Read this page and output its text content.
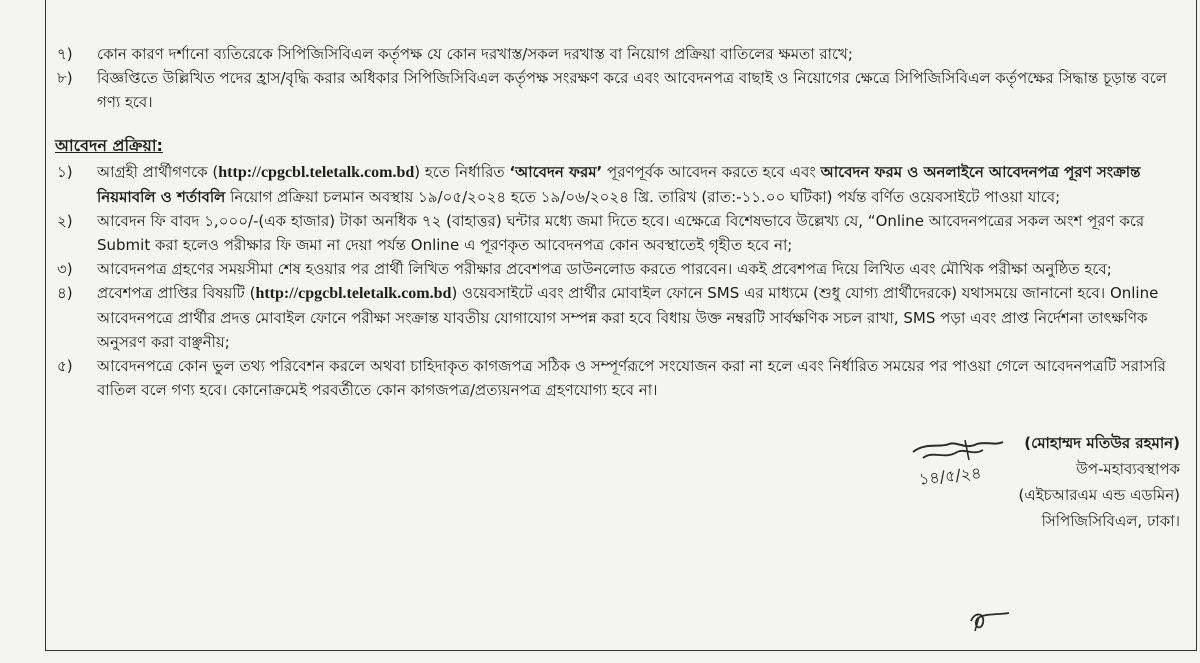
৭)	কোন কারণ দর্শানো ব্যতিরেকে সিপিজিসিবিএল কর্তৃপক্ষ যে কোন দরখাস্ত/সকল দরখাস্ত বা নিয়োগ প্রক্রিয়া বাতিলের ক্ষমতা রাখে;
৮)	বিজ্ঞপ্তিতে উল্লিখিত পদের হ্রাস/বৃদ্ধি করার অধিকার সিপিজিসিবিএল কর্তৃপক্ষ সংরক্ষণ করে এবং আবেদনপত্র বাছাই ও নিয়োগের ক্ষেত্রে সিপিজিসিবিএল কর্তৃপক্ষের সিদ্ধান্ত চূড়ান্ত বলে গণ্য হবে।
আবেদন প্রক্রিয়া:
১)	আগ্রহী প্রার্থীগণকে (http://cpgcbl.teletalk.com.bd) হতে নির্ধারিত ‘আবেদন ফরম’ পূরণপূর্বক আবেদন করতে হবে এবং আবেদন ফরম ও অনলাইনে আবেদনপত্র পূরণ সংক্রান্ত নিয়মাবলি ও শর্তাবলি নিয়োগ প্রক্রিয়া চলমান অবস্থায় ১৯/০৫/২০২৪ হতে ১৯/০৬/২০২৪ খ্রি. তারিখ (রাত:-১১.০০ ঘটিকা) পর্যন্ত বর্ণিত ওয়েবসাইটে পাওয়া যাবে;
২)	আবেদন ফি বাবদ ১,০০০/-(এক হাজার) টাকা অনধিক ৭২ (বাহাত্তর) ঘন্টার মধ্যে জমা দিতে হবে। এক্ষেত্রে বিশেষভাবে উল্লেখ্য যে, “Online আবেদনপত্রের সকল অংশ পূরণ করে Submit করা হলেও পরীক্ষার ফি জমা না দেয়া পর্যন্ত Online এ পূরণকৃত আবেদনপত্র কোন অবস্থাতেই গৃহীত হবে না;
৩)	আবেদনপত্র গ্রহণের সময়সীমা শেষ হওয়ার পর প্রার্থী লিখিত পরীক্ষার প্রবেশপত্র ডাউনলোড করতে পারবেন। একই প্রবেশপত্র দিয়ে লিখিত এবং মৌখিক পরীক্ষা অনুষ্ঠিত হবে;
৪)	প্রবেশপত্র প্রাপ্তির বিষয়টি (http://cpgcbl.teletalk.com.bd) ওয়েবসাইটে এবং প্রার্থীর মোবাইল ফোনে SMS এর মাধ্যমে (শুধু যোগ্য প্রার্থীদেরকে) যথাসময়ে জানানো হবে। Online আবেদনপত্রে প্রার্থীর প্রদত্ত মোবাইল ফোনে পরীক্ষা সংক্রান্ত যাবতীয় যোগাযোগ সম্পন্ন করা হবে বিধায় উক্ত নম্বরটি সার্বক্ষণিক সচল রাখা, SMS পড়া এবং প্রাপ্ত নির্দেশনা তাৎক্ষণিক অনুসরণ করা বাঞ্ছনীয়;
৫)	আবেদনপত্রে কোন ভুল তথ্য পরিবেশন করলে অথবা চাহিদাকৃত কাগজপত্র সঠিক ও সম্পূর্ণরূপে সংযোজন করা না হলে এবং নির্ধারিত সময়ের পর পাওয়া গেলে আবেদনপত্রটি সরাসরি বাতিল বলে গণ্য হবে। কোনোক্রমেই পরবর্তীতে কোন কাগজপত্র/প্রত্যয়নপত্র গ্রহণযোগ্য হবে না।
১৪/৫/২৪
(মোহাম্মদ মতিউর রহমান)
উপ-মহাব্যবস্থাপক
(এইচআরএম এন্ড এডমিন)
সিপিজিসিবিএল, ঢাকা।
